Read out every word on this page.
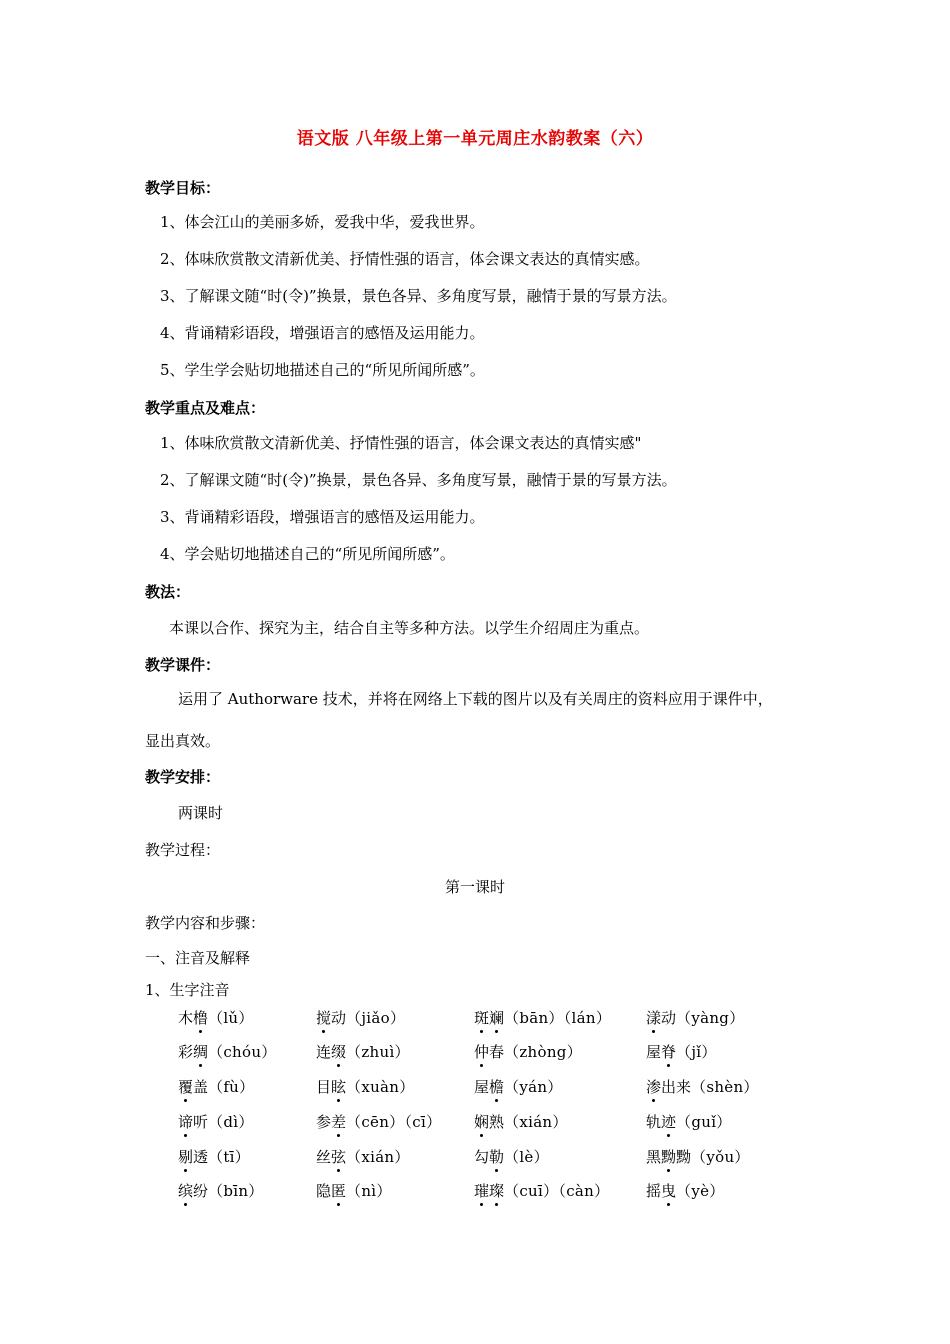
语文版 八年级上第一单元周庄水韵教案（六）
教学目标：
1、体会江山的美丽多娇，爱我中华，爱我世界。
2、体味欣赏散文清新优美、抒情性强的语言，体会课文表达的真情实感。
3、了解课文随“时(令)”换景，景色各异、多角度写景，融情于景的写景方法。
4、背诵精彩语段，增强语言的感悟及运用能力。
5、学生学会贴切地描述自己的“所见所闻所感”。
教学重点及难点：
1、体味欣赏散文清新优美、抒情性强的语言，体会课文表达的真情实感"
2、了解课文随“时(令)”换景，景色各异、多角度写景，融情于景的写景方法。
3、背诵精彩语段，增强语言的感悟及运用能力。
4、学会贴切地描述自己的“所见所闻所感”。
教法：
本课以合作、探究为主，结合自主等多种方法。以学生介绍周庄为重点。
教学课件：
运用了 Authorware 技术，并将在网络上下载的图片以及有关周庄的资料应用于课件中，
显出真效。
教学安排：
两课时
教学过程：
第一课时
教学内容和步骤：
一、注音及解释
1、生字注音
木橹（lǔ）	搅动（jiǎo）	斑斓（bān）（lán） 漾动（yàng）
彩绸（chóu）	连缀（zhuì）	仲春（zhòng）	屋脊（jǐ）
覆盖（fù）	目眩（xuàn）	屋檐（yán）	渗出来（shèn）
谛听（dì）	参差（cēn）（cī） 娴熟（xián）	轨迹（guǐ）
剔透（tī）	丝弦（xián）	勾勒（lè）	黑黝黝（yǒu）
缤纷（bīn）	隐匿（nì）	璀璨（cuī）（càn） 摇曳（yè）
